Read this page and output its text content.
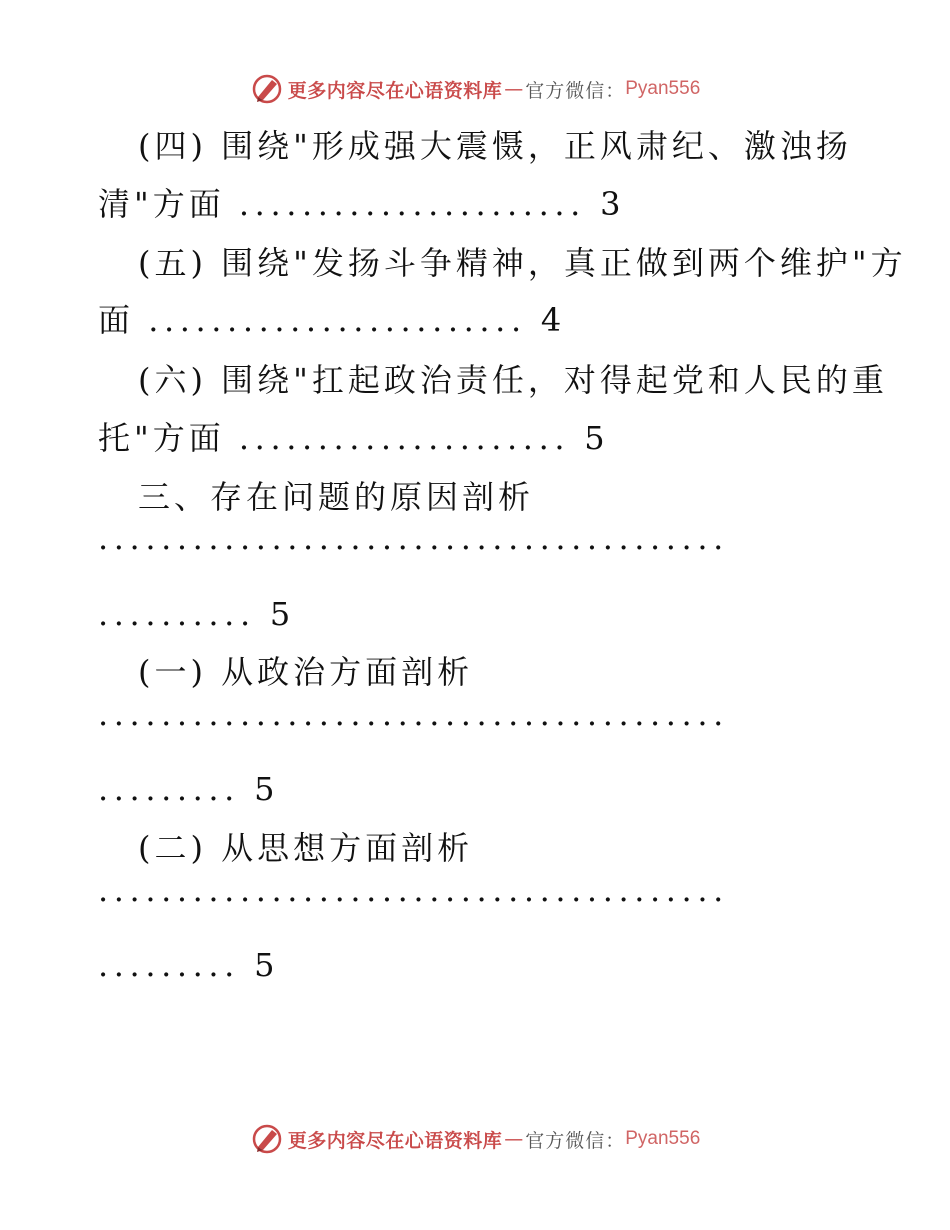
更多内容尽在心语资料库 — 官方微信： Pyan556
(四) 围绕"形成强大震慑，正风肃纪、激浊扬
清"方面 ...................... 3
(五) 围绕"发扬斗争精神，真正做到两个维护"方
面 ........................ 4
(六) 围绕"扛起政治责任，对得起党和人民的重
托"方面 ..................... 5
三、存在问题的原因剖析
........................................
.......... 5
(一) 从政治方面剖析
........................................
......... 5
(二) 从思想方面剖析
........................................
......... 5
更多内容尽在心语资料库 — 官方微信： Pyan556
